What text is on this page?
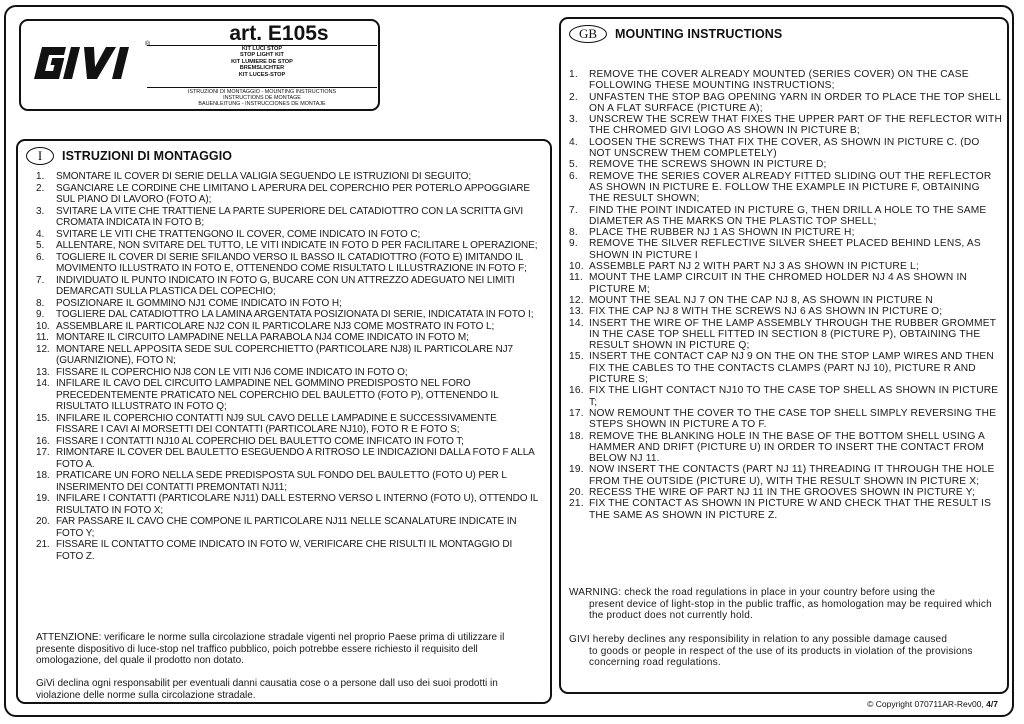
®	art. E105s
KIT LUCI STOP
STOP LIGHT KIT
KIT LUMIERE DE STOP
BREMSLICHTER
KIT LUCES-STOP
ISTRUZIONI DI MONTAGGIO - MOUNTING INSTRUCTIONS
INSTRUCTIONS DE MONTAGE
BAUENLEITUNG - INSTRUCCIONES DE MONTAJE
I	ISTRUZIONI DI MONTAGGIO
1. SMONTARE IL COVER DI SERIE DELLA VALIGIA SEGUENDO LE ISTRUZIONI DI SEGUITO;
2. SGANCIARE LE CORDINE CHE LIMITANO L APERURA DEL COPERCHIO PER POTERLO APPOGGIARE SUL PIANO DI LAVORO (FOTO A);
3. SVITARE LA VITE CHE TRATTIENE LA PARTE SUPERIORE DEL CATADIOTTRO CON LA SCRITTA GIVI CROMATA INDICATA IN FOTO B;
4. SVITARE LE VITI CHE TRATTENGONO IL COVER, COME INDICATO IN FOTO C;
5. ALLENTARE, NON SVITARE DEL TUTTO, LE VITI INDICATE IN FOTO D PER FACILITARE L OPERAZIONE;
6. TOGLIERE IL COVER DI SERIE SFILANDO VERSO IL BASSO IL CATADIOTTRO (FOTO E) IMITANDO IL MOVIMENTO ILLUSTRATO IN FOTO E, OTTENENDO COME RISULTATO L ILLUSTRAZIONE IN FOTO F;
7. INDIVIDUATO IL PUNTO INDICATO IN FOTO G, BUCARE CON UN ATTREZZO ADEGUATO NEI LIMITI DEMARCATI SULLA PLASTICA DEL COPECHIO;
8. POSIZIONARE IL GOMMINO NJ1 COME INDICATO IN FOTO H;
9. TOGLIERE DAL CATADIOTTRO LA LAMINA ARGENTATA POSIZIONATA DI SERIE, INDICATATA IN FOTO I;
10. ASSEMBLARE IL PARTICOLARE NJ2 CON IL PARTICOLARE NJ3 COME MOSTRATO IN FOTO L;
11. MONTARE IL CIRCUITO LAMPADINE NELLA PARABOLA NJ4 COME INDICATO IN FOTO M;
12. MONTARE NELL APPOSITA SEDE SUL COPERCHIETTO (PARTICOLARE NJ8) IL PARTICOLARE NJ7 (GUARNIZIONE), FOTO N;
13. FISSARE IL COPERCHIO NJ8 CON LE VITI NJ6 COME INDICATO IN FOTO O;
14. INFILARE IL CAVO DEL CIRCUITO LAMPADINE NEL GOMMINO PREDISPOSTO NEL FORO PRECEDENTEMENTE PRATICATO NEL COPERCHIO DEL BAULETTO (FOTO P), OTTENENDO IL RISULTATO ILLUSTRATO IN FOTO Q;
15. INFILARE IL COPERCHIO CONTATTI NJ9 SUL CAVO DELLE LAMPADINE E SUCCESSIVAMENTE FISSARE I CAVI AI MORSETTI DEI CONTATTI (PARTICOLARE NJ10), FOTO R E FOTO S;
16. FISSARE I CONTATTI NJ10 AL COPERCHIO DEL BAULETTO COME INFICATO IN FOTO T;
17. RIMONTARE IL COVER DEL BAULETTO ESEGUENDO A RITROSO LE INDICAZIONI DALLA FOTO F ALLA FOTO A.
18. PRATICARE UN FORO NELLA SEDE PREDISPOSTA SUL FONDO DEL BAULETTO (FOTO U) PER L INSERIMENTO DEI CONTATTI PREMONTATI NJ11;
19. INFILARE I CONTATTI (PARTICOLARE NJ11) DALL ESTERNO VERSO L INTERNO (FOTO U), OTTENDO IL RISULTATO IN FOTO X;
20. FAR PASSARE IL CAVO CHE COMPONE IL PARTICOLARE NJ11 NELLE SCANALATURE INDICATE IN FOTO Y;
21. FISSARE IL CONTATTO COME INDICATO IN FOTO W, VERIFICARE CHE RISULTI IL MONTAGGIO DI FOTO Z.
ATTENZIONE: verificare le norme sulla circolazione stradale vigenti nel proprio Paese prima di utilizzare il presente dispositivo di luce-stop nel traffico pubblico, poich potrebbe essere richiesto il requisito dell omologazione, del quale il prodotto non dotato.
GiVi declina ogni responsabilit per eventuali danni causatia cose o a persone dall uso dei suoi prodotti in violazione delle norme sulla circolazione stradale.
GB	MOUNTING INSTRUCTIONS
1. REMOVE THE COVER ALREADY MOUNTED (SERIES COVER) ON THE CASE FOLLOWING THESE MOUNTING INSTRUCTIONS;
2. UNFASTEN THE STOP BAG OPENING YARN IN ORDER TO PLACE THE TOP SHELL ON A FLAT SURFACE (PICTURE A);
3. UNSCREW THE SCREW THAT FIXES THE UPPER PART OF THE REFLECTOR WITH THE CHROMED GIVI LOGO AS SHOWN IN PICTURE B;
4. LOOSEN THE SCREWS THAT FIX THE COVER, AS SHOWN IN PICTURE C. (DO NOT UNSCREW THEM COMPLETELY)
5. REMOVE THE SCREWS SHOWN IN PICTURE D;
6. REMOVE THE SERIES COVER ALREADY FITTED SLIDING OUT THE REFLECTOR AS SHOWN IN PICTURE E. FOLLOW THE EXAMPLE IN PICTURE F, OBTAINING THE RESULT SHOWN;
7. FIND THE POINT INDICATED IN PICTURE G, THEN DRILL A HOLE TO THE SAME DIAMETER AS THE MARKS ON THE PLASTIC TOP SHELL;
8. PLACE THE RUBBER NJ 1 AS SHOWN IN PICTURE H;
9. REMOVE THE SILVER REFLECTIVE SILVER SHEET PLACED BEHIND LENS, AS SHOWN IN PICTURE I
10. ASSEMBLE PART NJ 2 WITH PART NJ 3 AS SHOWN IN PICTURE L;
11. MOUNT THE LAMP CIRCUIT IN THE CHROMED HOLDER NJ 4 AS SHOWN IN PICTURE M;
12. MOUNT THE SEAL NJ 7 ON THE CAP NJ 8, AS SHOWN IN PICTURE N
13. FIX THE CAP NJ 8 WITH THE SCREWS NJ 6 AS SHOWN IN PICTURE O;
14. INSERT THE WIRE OF THE LAMP ASSEMBLY THROUGH THE RUBBER GROMMET IN THE CASE TOP SHELL FITTED IN SECTION 8 (PICTURE P), OBTAINING THE RESULT SHOWN IN PICTURE Q;
15. INSERT THE CONTACT CAP NJ 9 ON THE ON THE STOP LAMP WIRES AND THEN FIX THE CABLES TO THE CONTACTS CLAMPS (PART NJ 10), PICTURE R AND PICTURE S;
16. FIX THE LIGHT CONTACT NJ10 TO THE CASE TOP SHELL AS SHOWN IN PICTURE T;
17. NOW REMOUNT THE COVER TO THE CASE TOP SHELL SIMPLY REVERSING THE STEPS SHOWN IN PICTURE A TO F.
18. REMOVE THE BLANKING HOLE IN THE BASE OF THE BOTTOM SHELL USING A HAMMER AND DRIFT (PICTURE U) IN ORDER TO INSERT THE CONTACT FROM BELOW NJ 11.
19. NOW INSERT THE CONTACTS (PART NJ 11) THREADING IT THROUGH THE HOLE FROM THE OUTSIDE (PICTURE U), WITH THE RESULT SHOWN IN PICTURE X;
20. RECESS THE WIRE OF PART NJ 11 IN THE GROOVES SHOWN IN PICTURE Y;
21. FIX THE CONTACT AS SHOWN IN PICTURE W AND CHECK THAT THE RESULT IS THE SAME AS SHOWN IN PICTURE Z.
WARNING: check the road regulations in place in your country before using the
present device of light-stop in the public traffic, as homologation may be required which the product does not currently hold.
GIVI hereby declines any responsibility in relation to any possible damage caused
to goods or people in respect of the use of its products in violation of the provisions concerning road regulations.
© Copyright 070711AR-Rev00, 4/7
